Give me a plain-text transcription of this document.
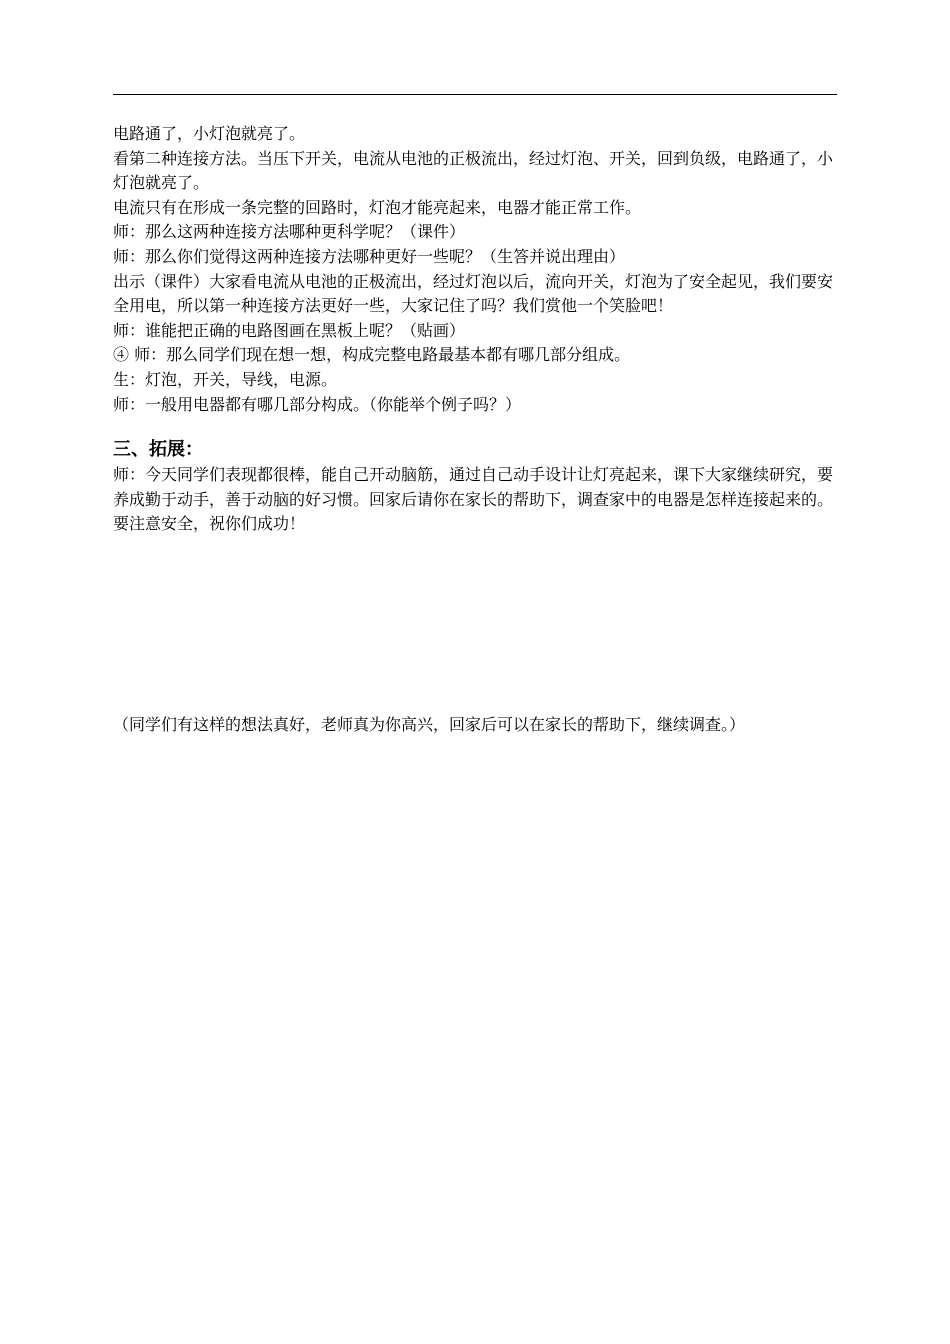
电路通了，小灯泡就亮了。

看第二种连接方法。当压下开关，电流从电池的正极流出，经过灯泡、开关，回到负级，电路通了，小灯泡就亮了。

电流只有在形成一条完整的回路时，灯泡才能亮起来，电器才能正常工作。

师：那么这两种连接方法哪种更科学呢？（课件）

师：那么你们觉得这两种连接方法哪种更好一些呢？（生答并说出理由）

出示（课件）大家看电流从电池的正极流出，经过灯泡以后，流向开关，灯泡为了安全起见，我们要安全用电，所以第一种连接方法更好一些，大家记住了吗？我们赏他一个笑脸吧！

师：谁能把正确的电路图画在黑板上呢？（贴画）

④ 师：那么同学们现在想一想，构成完整电路最基本都有哪几部分组成。

生：灯泡，开关，导线，电源。

师：一般用电器都有哪几部分构成。（你能举个例子吗？）

三、拓展：

师：今天同学们表现都很棒，能自己开动脑筋，通过自己动手设计让灯亮起来，课下大家继续研究，要养成勤于动手，善于动脑的好习惯。回家后请你在家长的帮助下，调查家中的电器是怎样连接起来的。要注意安全，祝你们成功！

（同学们有这样的想法真好，老师真为你高兴，回家后可以在家长的帮助下，继续调查。）
